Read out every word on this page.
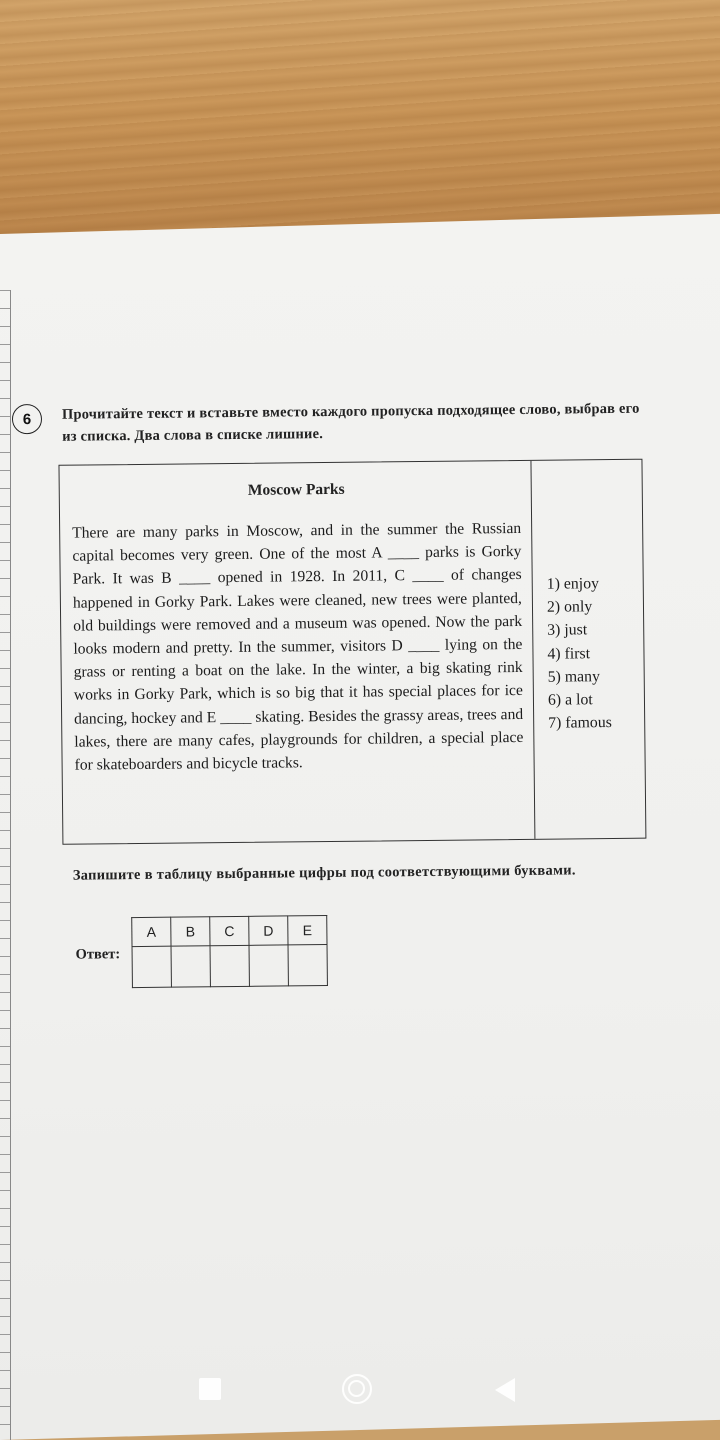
6	Прочитайте текст и вставьте вместо каждого пропуска подходящее слово, выбрав его из списка. Два слова в списке лишние.
Moscow Parks

There are many parks in Moscow, and in the summer the Russian capital becomes very green. One of the most A ____ parks is Gorky Park. It was B ____ opened in 1928. In 2011, C ____ of changes happened in Gorky Park. Lakes were cleaned, new trees were planted, old buildings were removed and a museum was opened. Now the park looks modern and pretty. In the summer, visitors D ____ lying on the grass or renting a boat on the lake. In the winter, a big skating rink works in Gorky Park, which is so big that it has special places for ice dancing, hockey and E ____ skating. Besides the grassy areas, trees and lakes, there are many cafes, playgrounds for children, a special place for skateboarders and bicycle tracks.

1) enjoy
2) only
3) just
4) first
5) many
6) a lot
7) famous
Запишите в таблицу выбранные цифры под соответствующими буквами.
Ответ:
A	B	C	D	E
